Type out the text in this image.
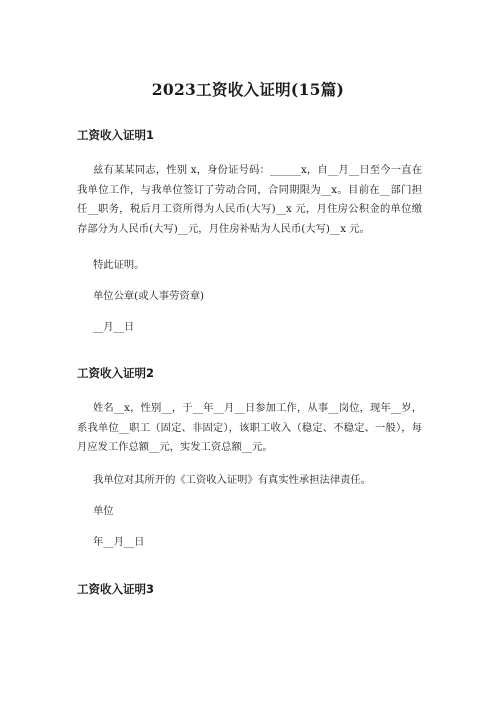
2023工资收入证明(15篇)
工资收入证明1
兹有某某同志，性别 x，身份证号码：______x，自__月__日至今一直在我单位工作，与我单位签订了劳动合同，合同期限为__x。目前在__部门担任__职务，税后月工资所得为人民币(大写)__x 元，月住房公积金的单位缴存部分为人民币(大写)__元，月住房补贴为人民币(大写)__x 元。
特此证明。
单位公章(或人事劳资章)
__月__日
工资收入证明2
姓名__x，性别__，于__年__月__日参加工作，从事__岗位，现年__岁，系我单位__职工（固定、非固定），该职工收入（稳定、不稳定、一般），每月应发工作总额__元，实发工资总额__元。
我单位对其所开的《工资收入证明》有真实性承担法律责任。
单位
年__月__日
工资收入证明3
